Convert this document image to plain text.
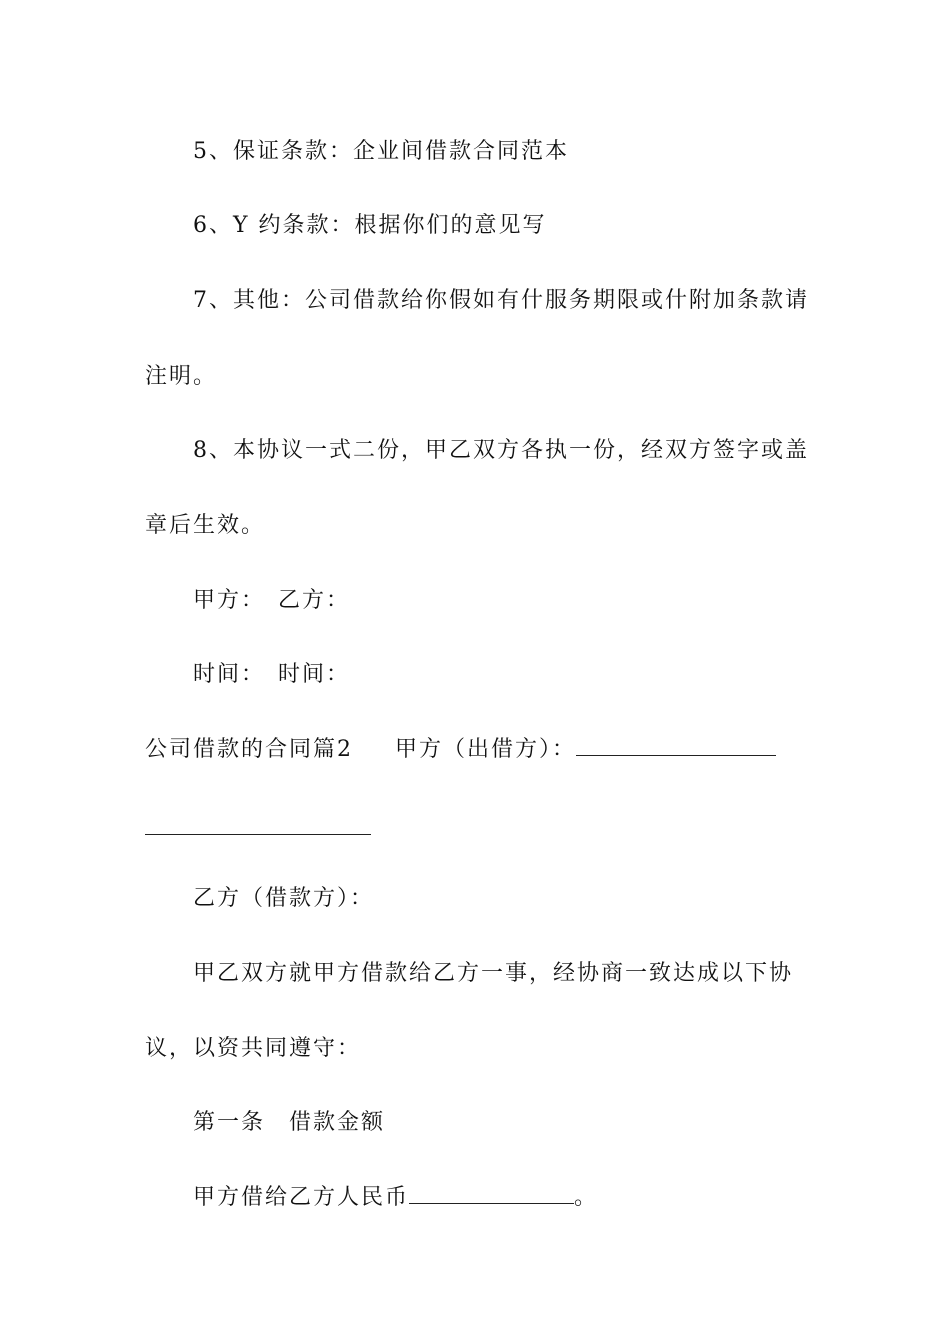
5、保证条款：企业间借款合同范本
6、Y 约条款：根据你们的意见写
7、其他：公司借款给你假如有什服务期限或什附加条款请
注明。
8、本协议一式二份，甲乙双方各执一份，经双方签字或盖
章后生效。
甲方：　乙方：
时间：　时间：
公司借款的合同篇2 甲方（出借方）：
乙方（借款方）：
甲乙双方就甲方借款给乙方一事，经协商一致达成以下协
议，以资共同遵守：
第一条　借款金额
甲方借给乙方人民币	。
